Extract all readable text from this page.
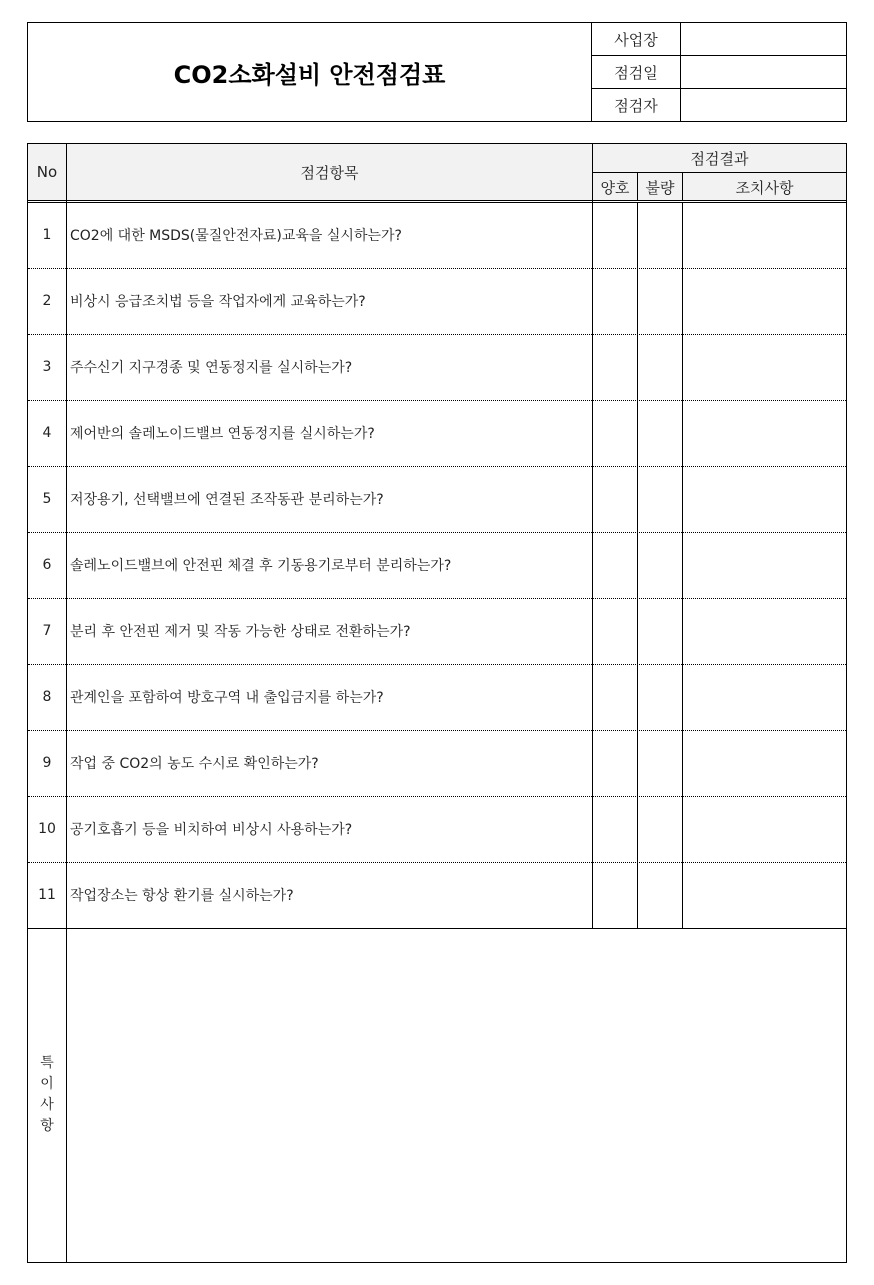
CO2소화설비 안전점검표
사업장
점검일
점검자
No	점검항목
점검결과
양호	불량	조치사항
1	CO2에 대한 MSDS(물질안전자료)교육을 실시하는가?
2	비상시 응급조치법 등을 작업자에게 교육하는가?
3	주수신기 지구경종 및 연동정지를 실시하는가?
4	제어반의 솔레노이드밸브 연동정지를 실시하는가?
5	저장용기, 선택밸브에 연결된 조작동관 분리하는가?
6	솔레노이드밸브에 안전핀 체결 후 기동용기로부터 분리하는가?
7	분리 후 안전핀 제거 및 작동 가능한 상태로 전환하는가?
8	관계인을 포함하여 방호구역 내 출입금지를 하는가?
9	작업 중 CO2의 농도 수시로 확인하는가?
10	공기호흡기 등을 비치하여 비상시 사용하는가?
11	작업장소는 항상 환기를 실시하는가?
특이사항
